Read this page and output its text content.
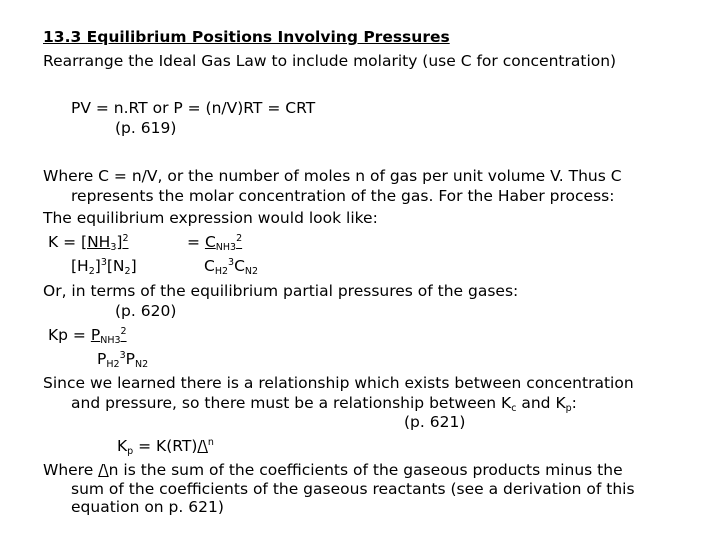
13.3 Equilibrium Positions Involving Pressures
Rearrange the Ideal Gas Law to include molarity (use C for concentration)
PV = n.RT or P = (n/V)RT = CRT
(p. 619)
Where C = n/V, or the number of moles n of gas per unit volume V. Thus C
represents the molar concentration of the gas. For the Haber process:
The equilibrium expression would look like:
$K = [NH_3]^2$	= $C_{NH3}^2$
$[H_2]^3[N_2]$	$C_{H2}^3C_{N2}$
Or, in terms of the equilibrium partial pressures of the gases:
(p. 620)
$Kp = P_{NH3}^2$
$P_{H2}^3P_{N2}$
Since we learned there is a relationship which exists between concentration
and pressure, so there must be a relationship between $K_c$ and $K_p$:
(p. 621)
$K_p$ = K(RT)/\$^n$
Where /\n is the sum of the coefficients of the gaseous products minus the
sum of the coefficients of the gaseous reactants (see a derivation of this
equation on p. 621)
